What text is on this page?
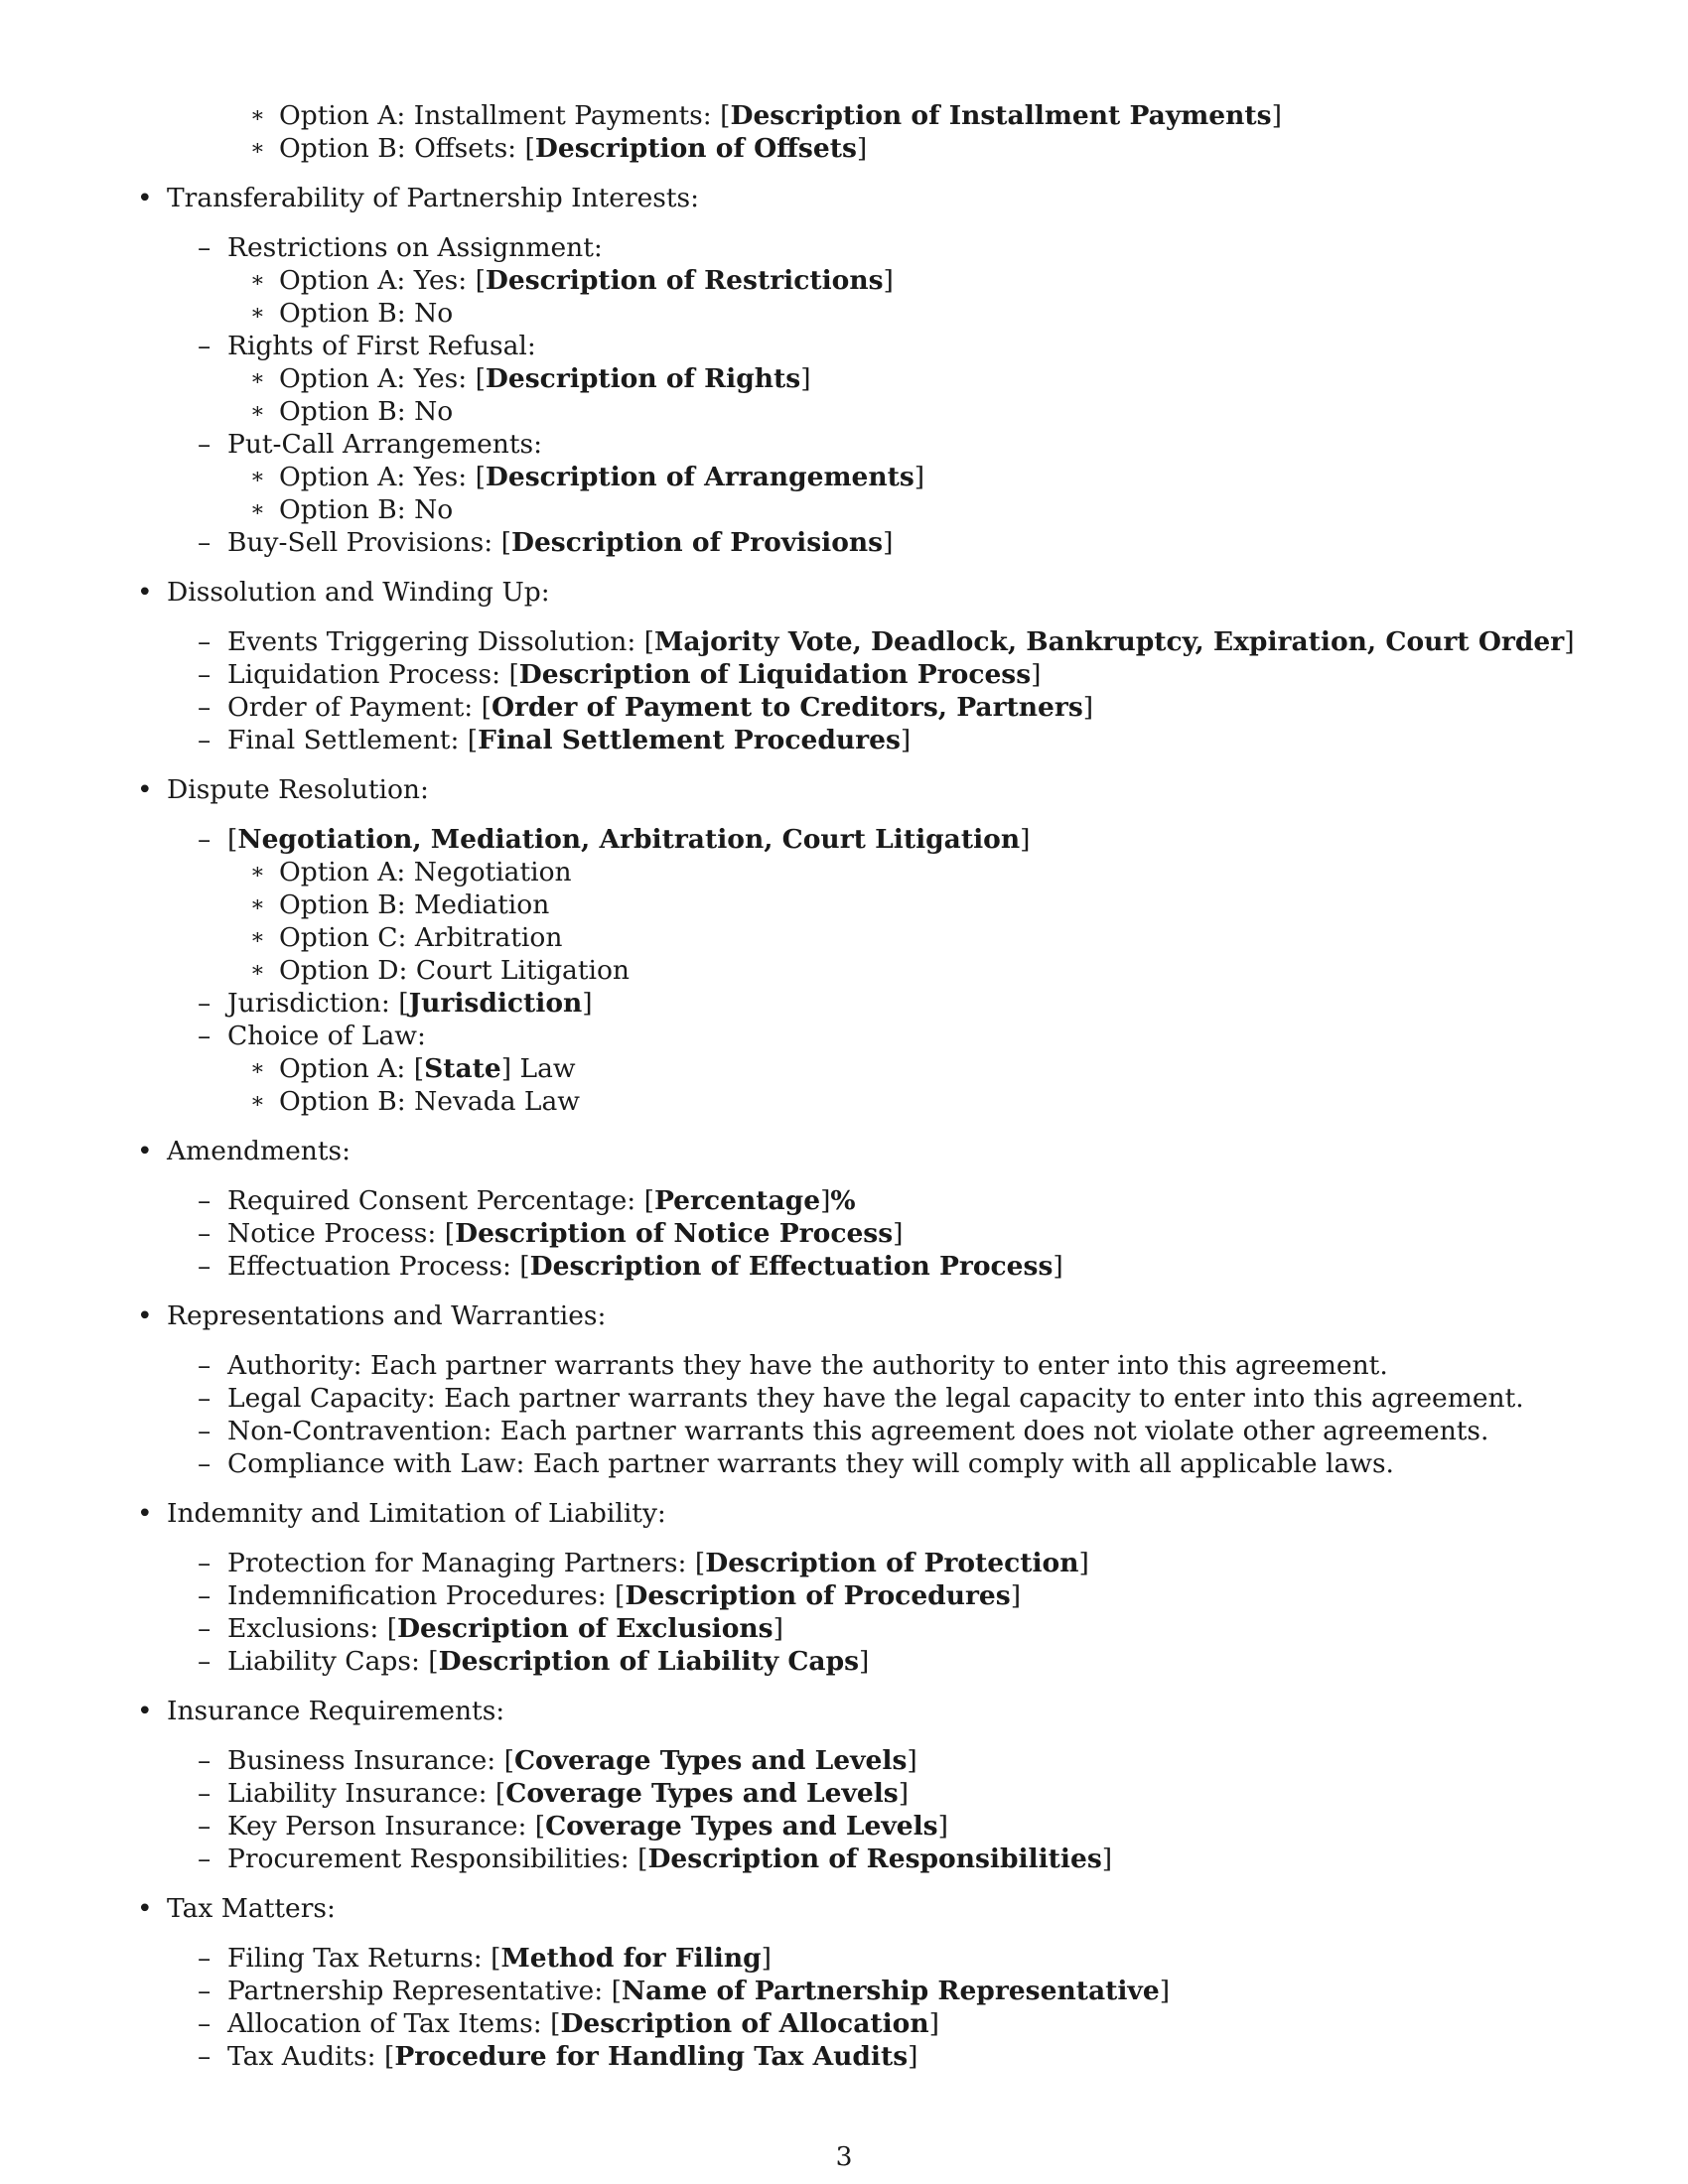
∗ Option A: Installment Payments: [Description of Installment Payments]
∗ Option B: Offsets: [Description of Offsets]
• Transferability of Partnership Interests:
– Restrictions on Assignment:
∗ Option A: Yes: [Description of Restrictions]
∗ Option B: No
– Rights of First Refusal:
∗ Option A: Yes: [Description of Rights]
∗ Option B: No
– Put-Call Arrangements:
∗ Option A: Yes: [Description of Arrangements]
∗ Option B: No
– Buy-Sell Provisions: [Description of Provisions]
• Dissolution and Winding Up:
– Events Triggering Dissolution: [Majority Vote, Deadlock, Bankruptcy, Expiration, Court Order]
– Liquidation Process: [Description of Liquidation Process]
– Order of Payment: [Order of Payment to Creditors, Partners]
– Final Settlement: [Final Settlement Procedures]
• Dispute Resolution:
– [Negotiation, Mediation, Arbitration, Court Litigation]
∗ Option A: Negotiation
∗ Option B: Mediation
∗ Option C: Arbitration
∗ Option D: Court Litigation
– Jurisdiction: [Jurisdiction]
– Choice of Law:
∗ Option A: [State] Law
∗ Option B: Nevada Law
• Amendments:
– Required Consent Percentage: [Percentage]%
– Notice Process: [Description of Notice Process]
– Effectuation Process: [Description of Effectuation Process]
• Representations and Warranties:
– Authority: Each partner warrants they have the authority to enter into this agreement.
– Legal Capacity: Each partner warrants they have the legal capacity to enter into this agreement.
– Non-Contravention: Each partner warrants this agreement does not violate other agreements.
– Compliance with Law: Each partner warrants they will comply with all applicable laws.
• Indemnity and Limitation of Liability:
– Protection for Managing Partners: [Description of Protection]
– Indemnification Procedures: [Description of Procedures]
– Exclusions: [Description of Exclusions]
– Liability Caps: [Description of Liability Caps]
• Insurance Requirements:
– Business Insurance: [Coverage Types and Levels]
– Liability Insurance: [Coverage Types and Levels]
– Key Person Insurance: [Coverage Types and Levels]
– Procurement Responsibilities: [Description of Responsibilities]
• Tax Matters:
– Filing Tax Returns: [Method for Filing]
– Partnership Representative: [Name of Partnership Representative]
– Allocation of Tax Items: [Description of Allocation]
– Tax Audits: [Procedure for Handling Tax Audits]
3
